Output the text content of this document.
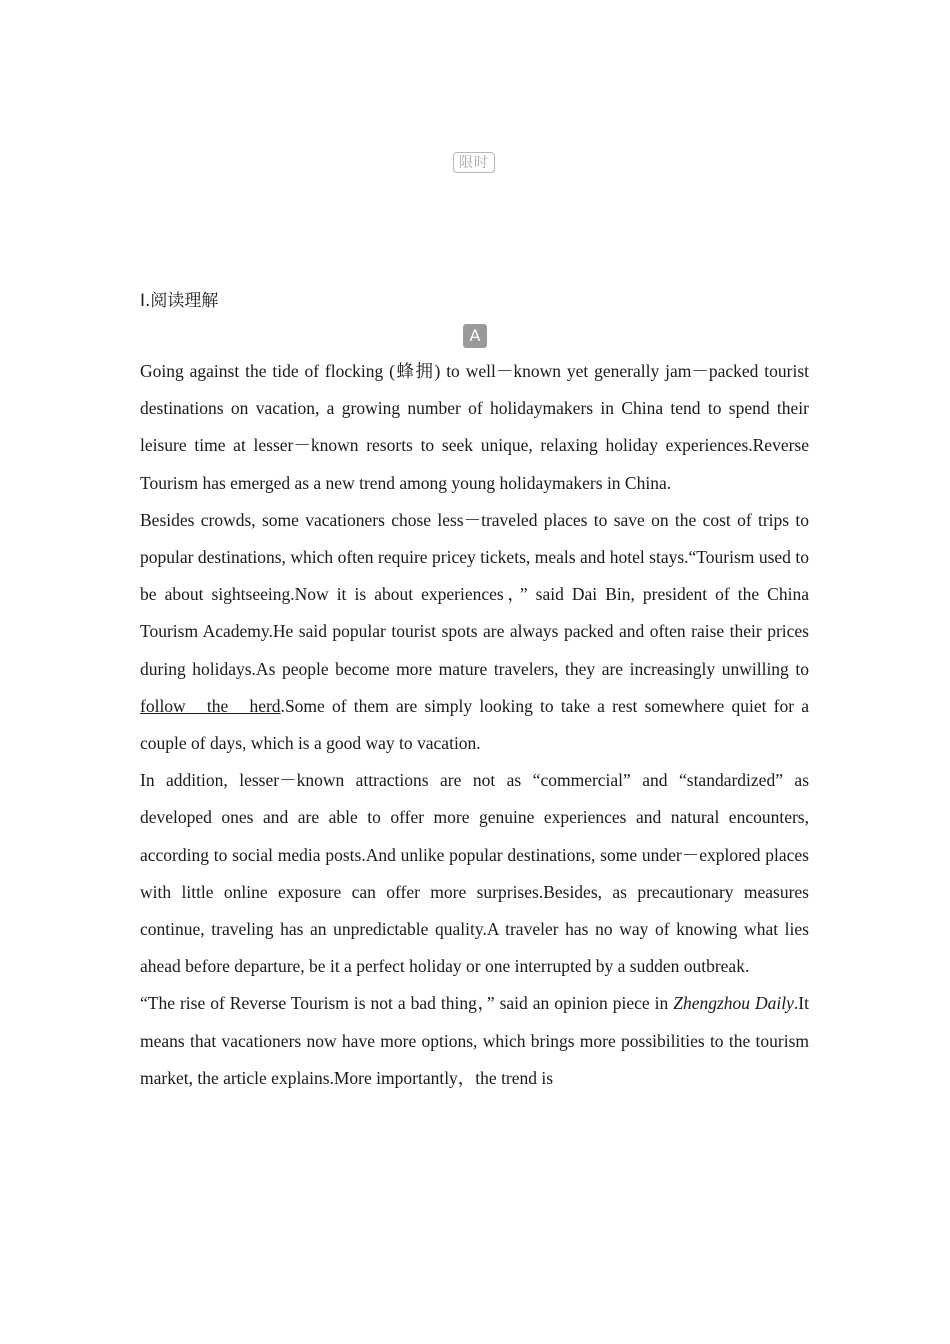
限时
Ⅰ.阅读理解
A

Going against the tide of flocking (蜂拥) to well－known yet generally jam－packed tourist destinations on vacation, a growing number of holidaymakers in China tend to spend their leisure time at lesser－known resorts to seek unique, relaxing holiday experiences.Reverse Tourism has emerged as a new trend among young holidaymakers in China.

Besides crowds, some vacationers chose less－traveled places to save on the cost of trips to popular destinations, which often require pricey tickets, meals and hotel stays.“Tourism used to be about sightseeing.Now it is about experiences，” said Dai Bin, president of the China Tourism Academy.He said popular tourist spots are always packed and often raise their prices during holidays.As people become more mature travelers, they are increasingly unwilling to follow the herd.Some of them are simply looking to take a rest somewhere quiet for a couple of days, which is a good way to vacation.

In addition, lesser－known attractions are not as “commercial” and “standardized” as developed ones and are able to offer more genuine experiences and natural encounters, according to social media posts.And unlike popular destinations, some under－explored places with little online exposure can offer more surprises.Besides, as precautionary measures continue, traveling has an unpredictable quality.A traveler has no way of knowing what lies ahead before departure, be it a perfect holiday or one interrupted by a sudden outbreak.

“The rise of Reverse Tourism is not a bad thing，” said an opinion piece in Zhengzhou Daily.It means that vacationers now have more options, which brings more possibilities to the tourism market, the article explains.More importantly，the trend is
